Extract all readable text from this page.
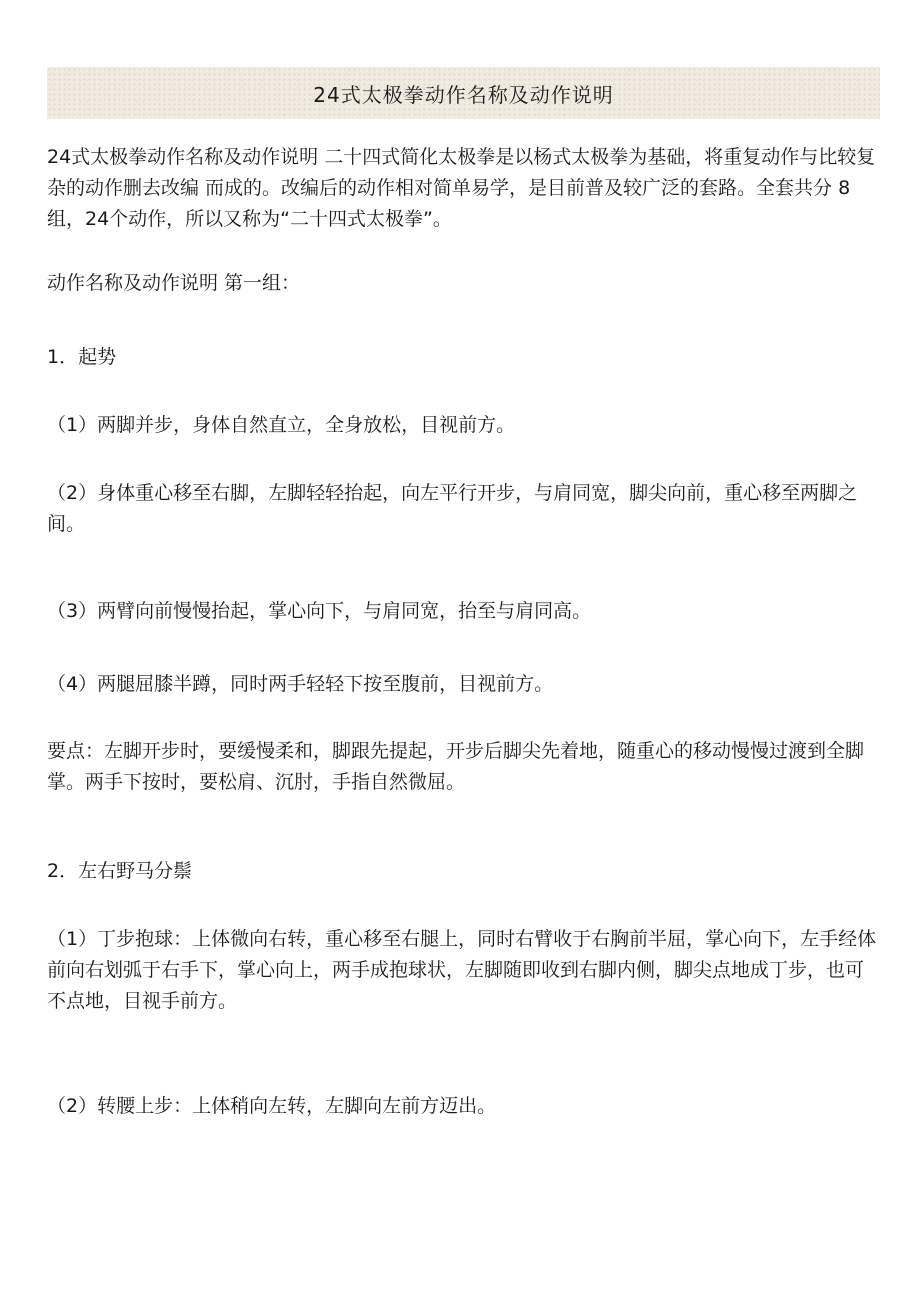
24式太极拳动作名称及动作说明

24式太极拳动作名称及动作说明 二十四式简化太极拳是以杨式太极拳为基础，将重复动作与比较复杂的动作删去改编 而成的。改编后的动作相对简单易学，是目前普及较广泛的套路。全套共分 8组，24个动作，所以又称为“二十四式太极拳”。

动作名称及动作说明 第一组：

1．起势

（1）两脚并步，身体自然直立，全身放松，目视前方。

（2）身体重心移至右脚，左脚轻轻抬起，向左平行开步，与肩同宽，脚尖向前，重心移至两脚之间。

（3）两臂向前慢慢抬起，掌心向下，与肩同宽，抬至与肩同高。

（4）两腿屈膝半蹲，同时两手轻轻下按至腹前，目视前方。

要点：左脚开步时，要缓慢柔和，脚跟先提起，开步后脚尖先着地，随重心的移动慢慢过渡到全脚掌。两手下按时，要松肩、沉肘，手指自然微屈。

2．左右野马分鬃

（1）丁步抱球：上体微向右转，重心移至右腿上，同时右臂收于右胸前半屈，掌心向下，左手经体前向右划弧于右手下，掌心向上，两手成抱球状，左脚随即收到右脚内侧，脚尖点地成丁步，也可不点地，目视手前方。

（2）转腰上步：上体稍向左转，左脚向左前方迈出。
